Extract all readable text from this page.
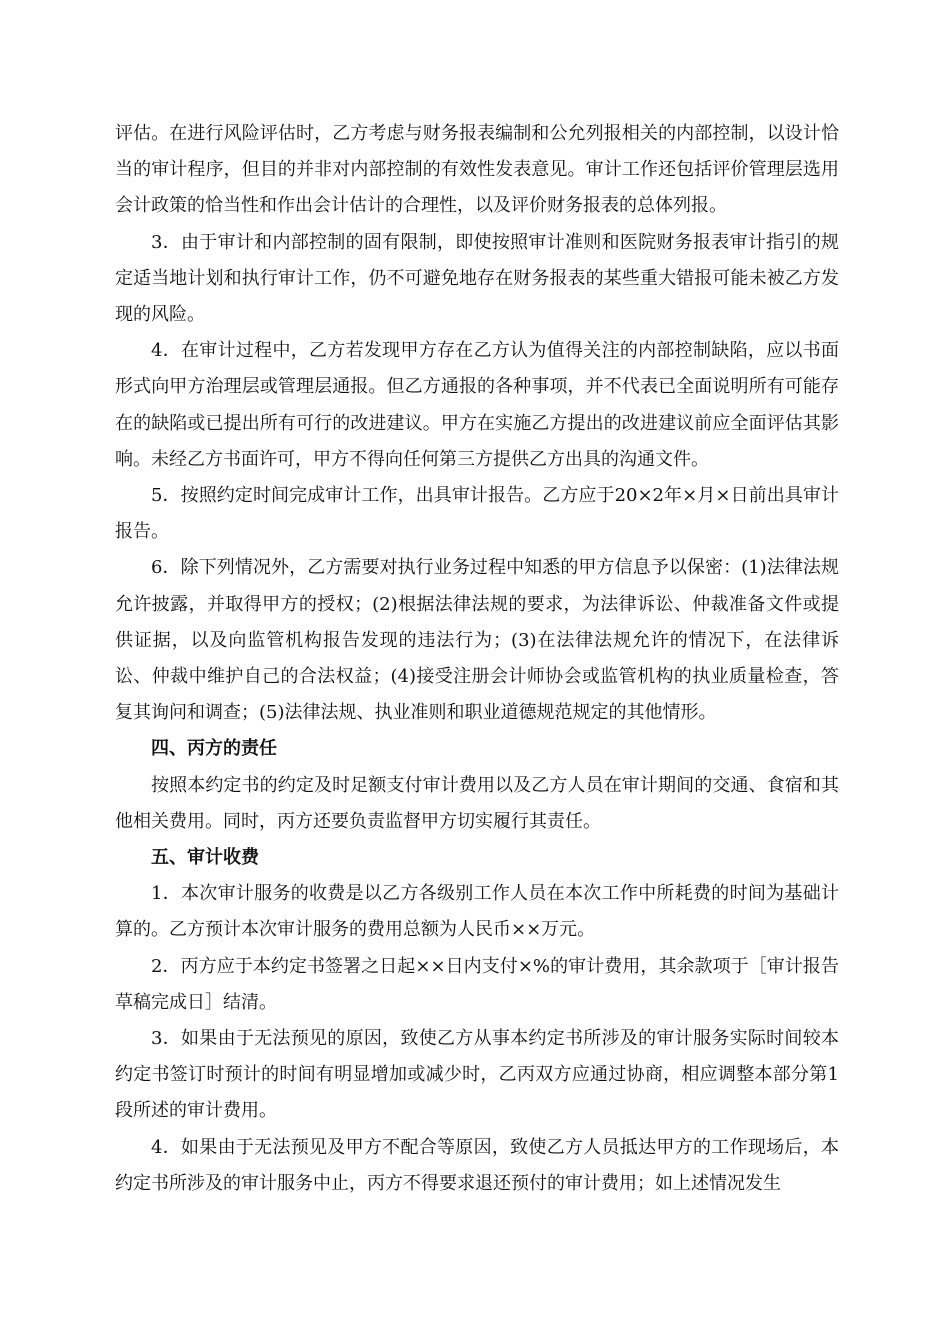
评估。在进行风险评估时，乙方考虑与财务报表编制和公允列报相关的内部控制，以设计恰当的审计程序，但目的并非对内部控制的有效性发表意见。审计工作还包括评价管理层选用会计政策的恰当性和作出会计估计的合理性，以及评价财务报表的总体列报。

3．由于审计和内部控制的固有限制，即使按照审计准则和医院财务报表审计指引的规定适当地计划和执行审计工作，仍不可避免地存在财务报表的某些重大错报可能未被乙方发现的风险。

4．在审计过程中，乙方若发现甲方存在乙方认为值得关注的内部控制缺陷，应以书面形式向甲方治理层或管理层通报。但乙方通报的各种事项，并不代表已全面说明所有可能存在的缺陷或已提出所有可行的改进建议。甲方在实施乙方提出的改进建议前应全面评估其影响。未经乙方书面许可，甲方不得向任何第三方提供乙方出具的沟通文件。

5．按照约定时间完成审计工作，出具审计报告。乙方应于20×2年×月×日前出具审计报告。

6．除下列情况外，乙方需要对执行业务过程中知悉的甲方信息予以保密：(1)法律法规允许披露，并取得甲方的授权；(2)根据法律法规的要求，为法律诉讼、仲裁准备文件或提供证据，以及向监管机构报告发现的违法行为；(3)在法律法规允许的情况下，在法律诉讼、仲裁中维护自己的合法权益；(4)接受注册会计师协会或监管机构的执业质量检查，答复其询问和调查；(5)法律法规、执业准则和职业道德规范规定的其他情形。

四、丙方的责任

按照本约定书的约定及时足额支付审计费用以及乙方人员在审计期间的交通、食宿和其他相关费用。同时，丙方还要负责监督甲方切实履行其责任。

五、审计收费

1．本次审计服务的收费是以乙方各级别工作人员在本次工作中所耗费的时间为基础计算的。乙方预计本次审计服务的费用总额为人民币××万元。

2．丙方应于本约定书签署之日起××日内支付×%的审计费用，其余款项于［审计报告草稿完成日］结清。

3．如果由于无法预见的原因，致使乙方从事本约定书所涉及的审计服务实际时间较本约定书签订时预计的时间有明显增加或减少时，乙丙双方应通过协商，相应调整本部分第1段所述的审计费用。

4．如果由于无法预见及甲方不配合等原因，致使乙方人员抵达甲方的工作现场后，本约定书所涉及的审计服务中止，丙方不得要求退还预付的审计费用；如上述情况发生
